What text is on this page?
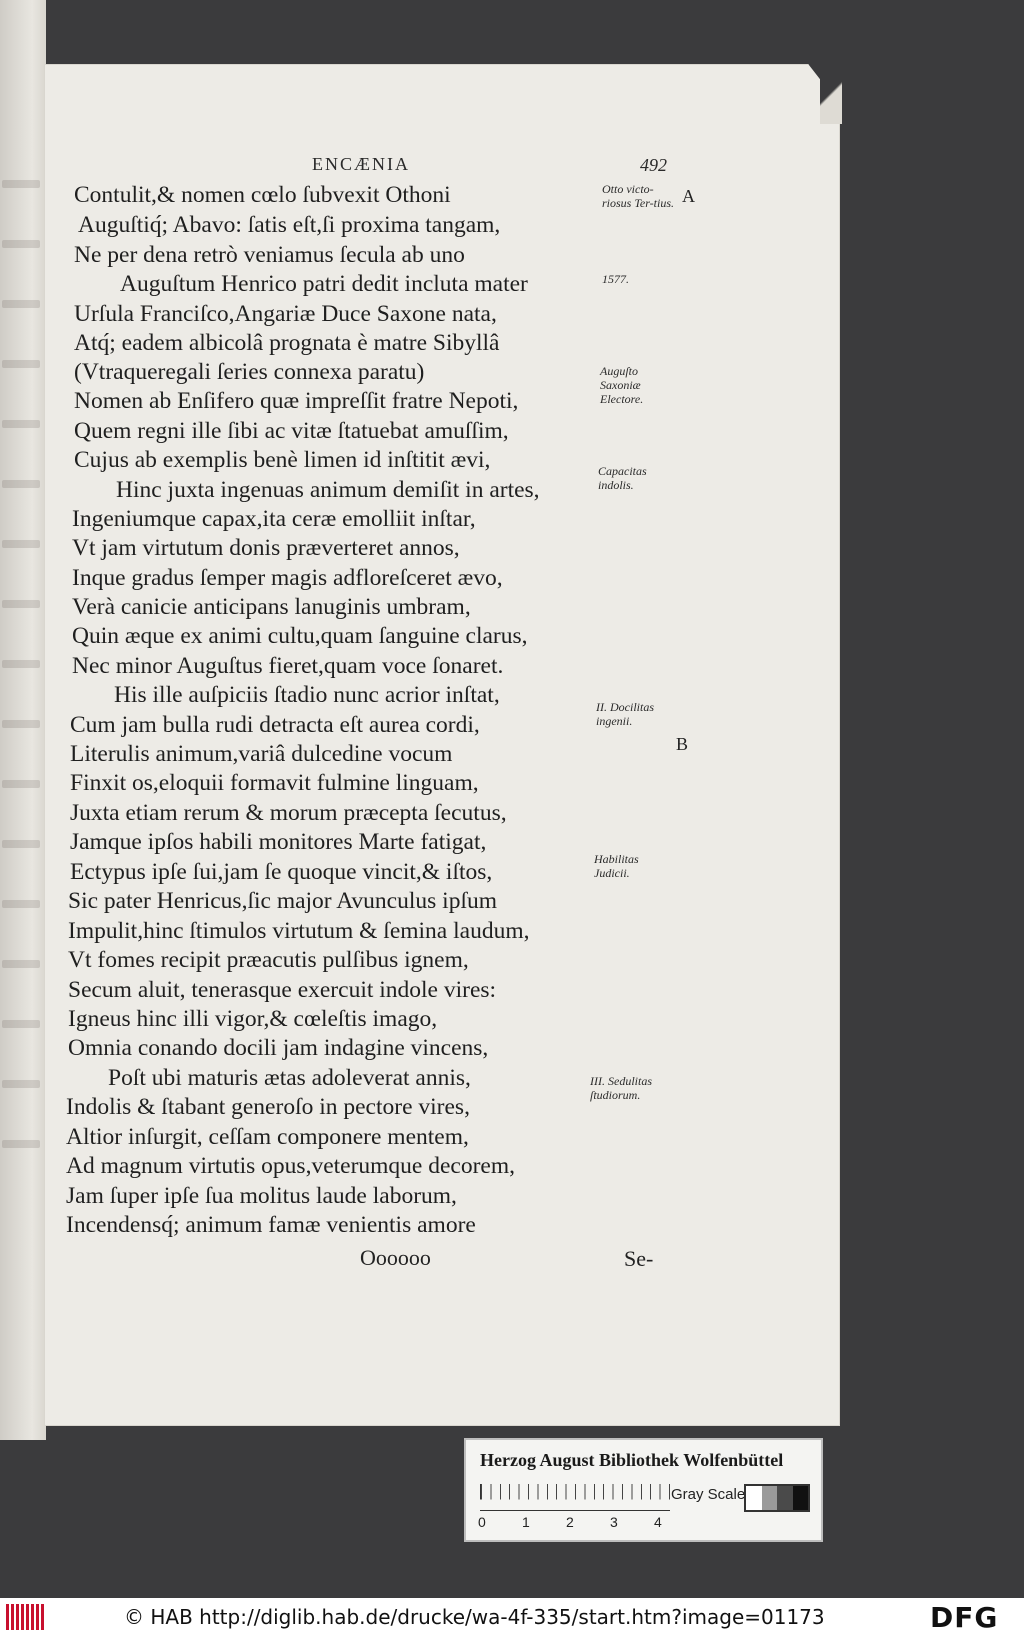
ENCÆNIA	492
Contulit,& nomen cœlo ſubvexit Othoni
Auguſtiq́; Abavo: ſatis eſt,ſi proxima tangam,
Ne per dena retrò veniamus ſecula ab uno
Auguſtum Henrico patri dedit incluta mater
Urſula Franciſco,Angariæ Duce Saxone nata,
Atq́; eadem albicolâ prognata è matre Sibyllâ
(Vtraqueregali ſeries connexa paratu)
Nomen ab Enſifero quæ impreſſit fratre Nepoti,
Quem regni ille ſibi ac vitæ ſtatuebat amuſſim,
Cujus ab exemplis benè limen id inſtitit ævi,
Hinc juxta ingenuas animum demiſit in artes,
Ingeniumque capax,ita ceræ emolliit inſtar,
Vt jam virtutum donis præverteret annos,
Inque gradus ſemper magis adfloreſceret ævo,
Verà canicie anticipans lanuginis umbram,
Quin æque ex animi cultu,quam ſanguine clarus,
Nec minor Auguſtus fieret,quam voce ſonaret.
His ille auſpiciis ſtadio nunc acrior inſtat,
Cum jam bulla rudi detracta eſt aurea cordi,
Literulis animum,variâ dulcedine vocum
Finxit os,eloquii formavit fulmine linguam,
Juxta etiam rerum & morum præcepta ſecutus,
Jamque ipſos habili monitores Marte fatigat,
Ectypus ipſe ſui,jam ſe quoque vincit,& iſtos,
Sic pater Henricus,ſic major Avunculus ipſum
Impulit,hinc ſtimulos virtutum & ſemina laudum,
Vt fomes recipit præacutis pulſibus ignem,
Secum aluit, tenerasque exercuit indole vires:
Igneus hinc illi vigor,& cœleſtis imago,
Omnia conando docili jam indagine vincens,
Poſt ubi maturis ætas adoleverat annis,
Indolis & ſtabant generoſo in pectore vires,
Altior inſurgit, ceſſam componere mentem,
Ad magnum virtutis opus,veterumque decorem,
Jam ſuper ipſe ſua molitus laude laborum,
Incendensq́; animum famæ venientis amore
Otto victo-riosus Ter-tius.
1577.
Auguſto Saxoniæ Electore.
Capacitas indolis.
II. Docilitas ingenii.
Habilitas Judicii.
III. Sedulitas ſtudiorum.
A
B
Oooooo	Se-
Herzog August Bibliothek Wolfenbüttel
0	1	2	3	4
Gray Scale
© HAB http://diglib.hab.de/drucke/wa-4f-335/start.htm?image=01173	DFG
